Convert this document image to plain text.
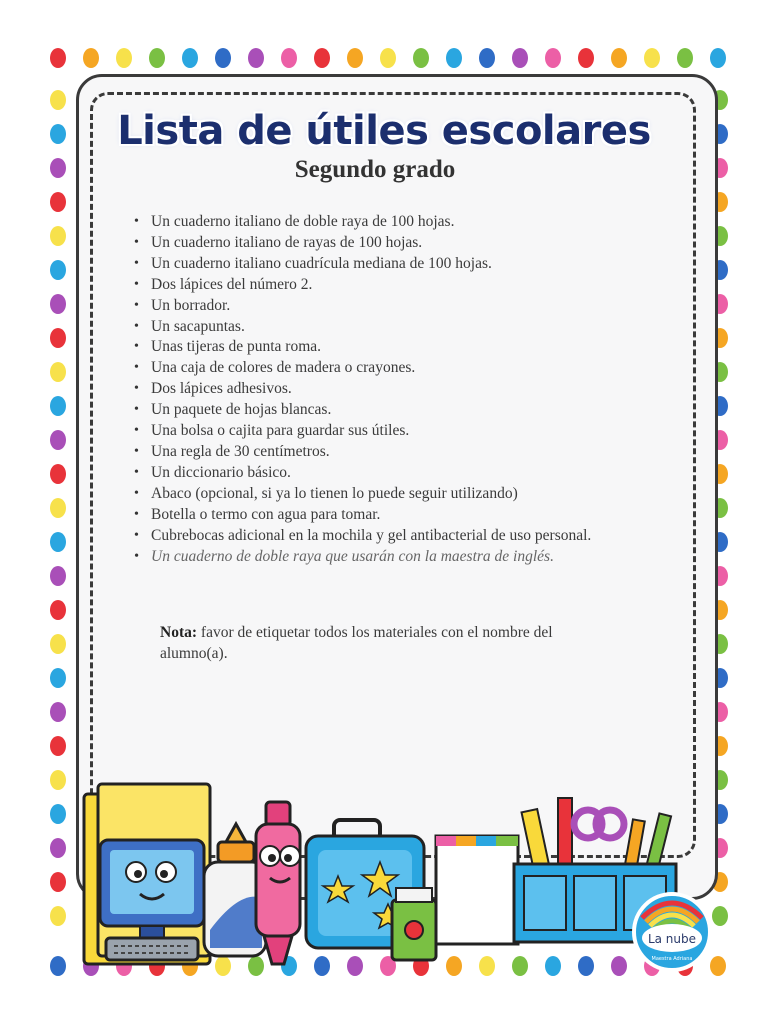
Lista de útiles escolares
Segundo grado
• Un cuaderno italiano de doble raya de 100 hojas.
• Un cuaderno italiano de rayas de 100 hojas.
• Un cuaderno italiano cuadrícula mediana de 100 hojas.
• Dos lápices del número 2.
• Un borrador.
• Un sacapuntas.
• Unas tijeras de punta roma.
• Una caja de colores de madera o crayones.
• Dos lápices adhesivos.
• Un paquete de hojas blancas.
• Una bolsa o cajita para guardar sus útiles.
• Una regla de 30 centímetros.
• Un diccionario básico.
• Abaco (opcional, si ya lo tienen lo puede seguir utilizando)
• Botella o termo con agua para tomar.
• Cubrebocas adicional en la mochila y gel antibacterial de uso personal.
• Un cuaderno de doble raya que usarán con la maestra de inglés.
Nota: favor de etiquetar todos los materiales con el nombre del alumno(a).
La nube
Maestra Adriana
